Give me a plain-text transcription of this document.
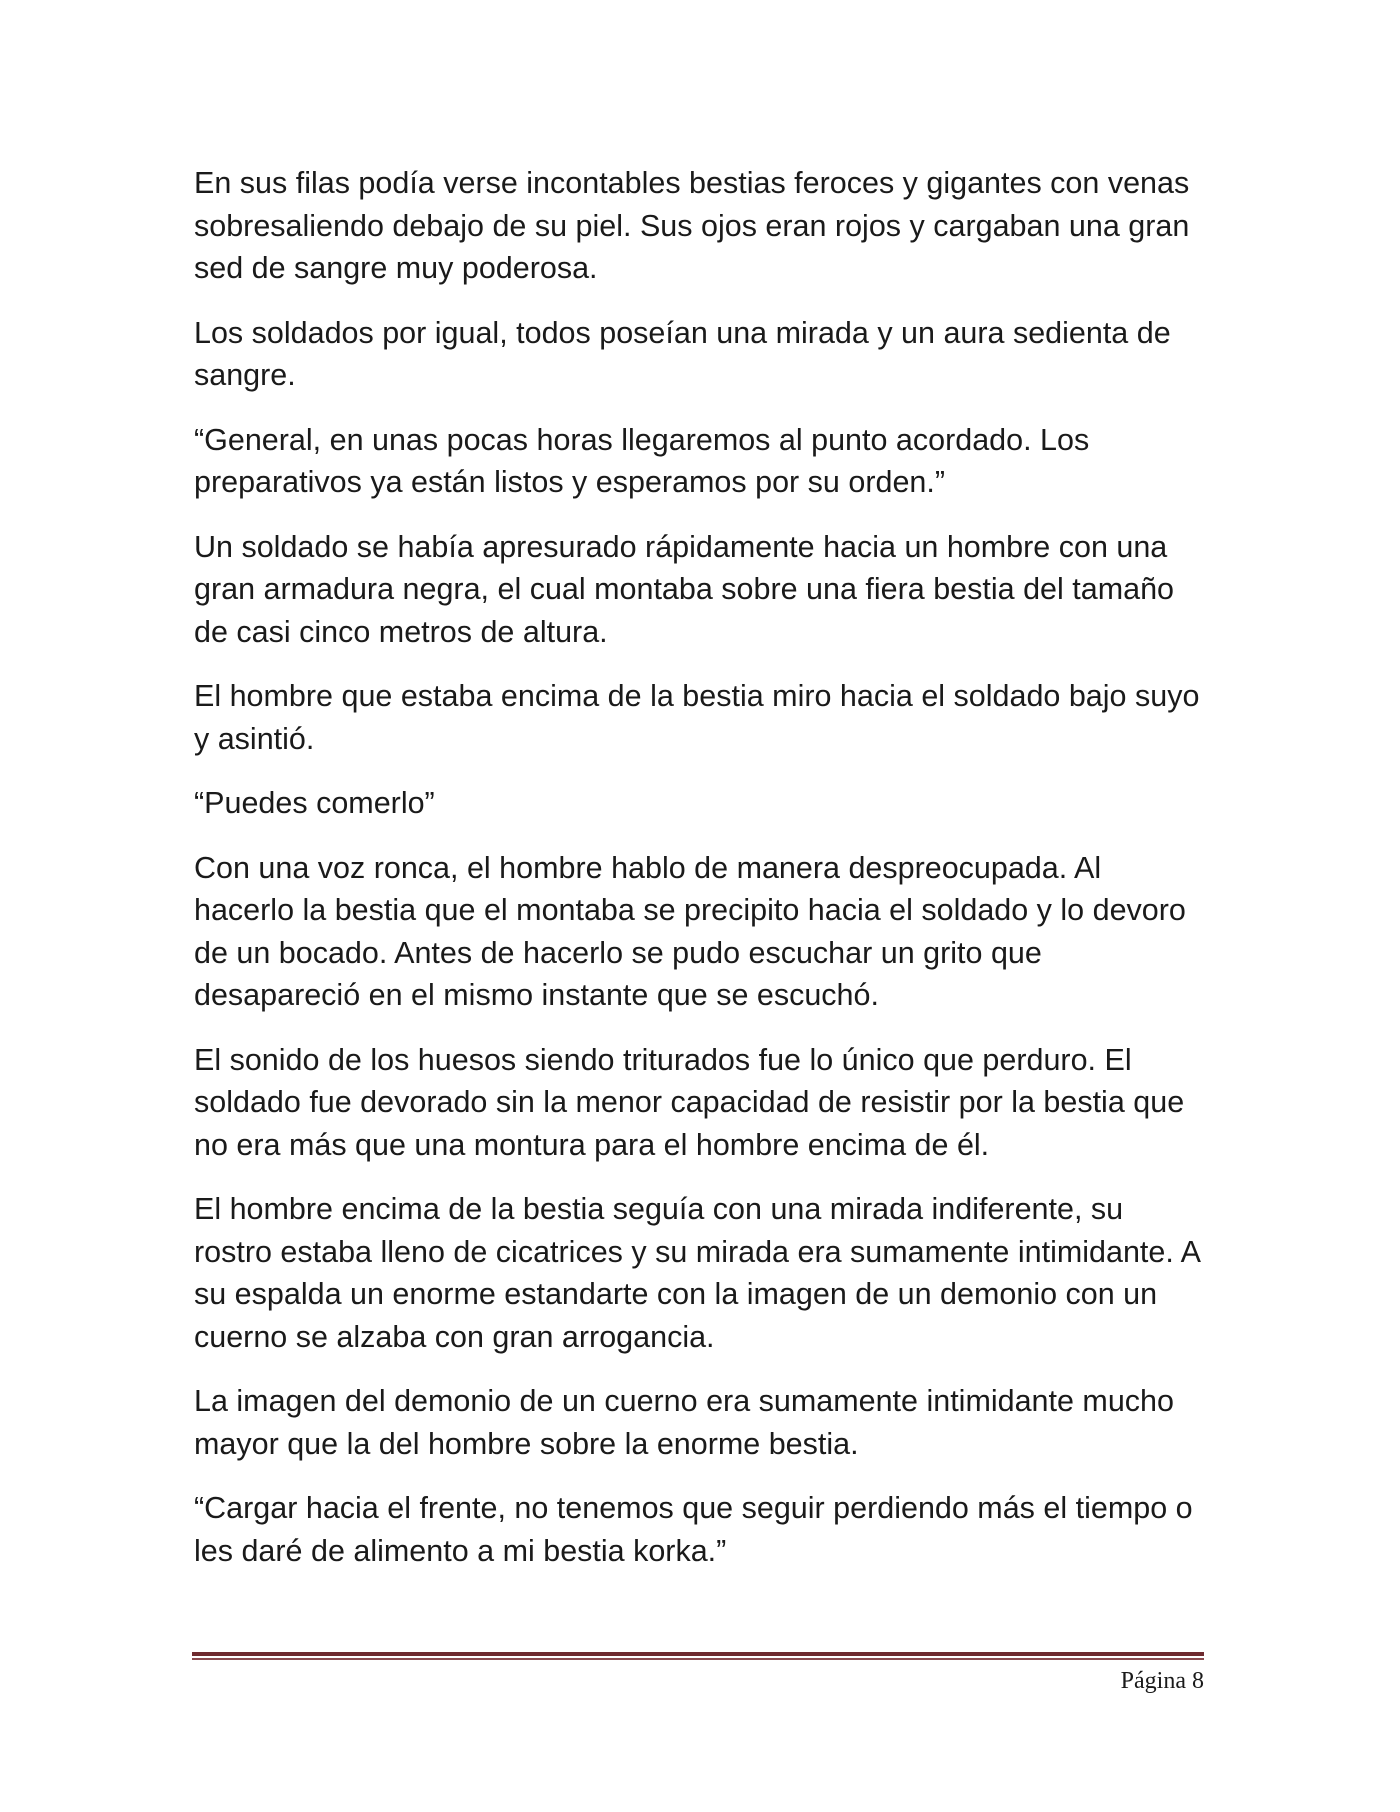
En sus filas podía verse incontables bestias feroces y gigantes con venas sobresaliendo debajo de su piel. Sus ojos eran rojos y cargaban una gran sed de sangre muy poderosa.

Los soldados por igual, todos poseían una mirada y un aura sedienta de sangre.

“General, en unas pocas horas llegaremos al punto acordado. Los preparativos ya están listos y esperamos por su orden.”

Un soldado se había apresurado rápidamente hacia un hombre con una gran armadura negra, el cual montaba sobre una fiera bestia del tamaño de casi cinco metros de altura.

El hombre que estaba encima de la bestia miro hacia el soldado bajo suyo y asintió.

“Puedes comerlo”

Con una voz ronca, el hombre hablo de manera despreocupada. Al hacerlo la bestia que el montaba se precipito hacia el soldado y lo devoro de un bocado. Antes de hacerlo se pudo escuchar un grito que desapareció en el mismo instante que se escuchó.

El sonido de los huesos siendo triturados fue lo único que perduro. El soldado fue devorado sin la menor capacidad de resistir por la bestia que no era más que una montura para el hombre encima de él.

El hombre encima de la bestia seguía con una mirada indiferente, su rostro estaba lleno de cicatrices y su mirada era sumamente intimidante. A su espalda un enorme estandarte con la imagen de un demonio con un cuerno se alzaba con gran arrogancia.

La imagen del demonio de un cuerno era sumamente intimidante mucho mayor que la del hombre sobre la enorme bestia.

“Cargar hacia el frente, no tenemos que seguir perdiendo más el tiempo o les daré de alimento a mi bestia korka.”

Página 8
